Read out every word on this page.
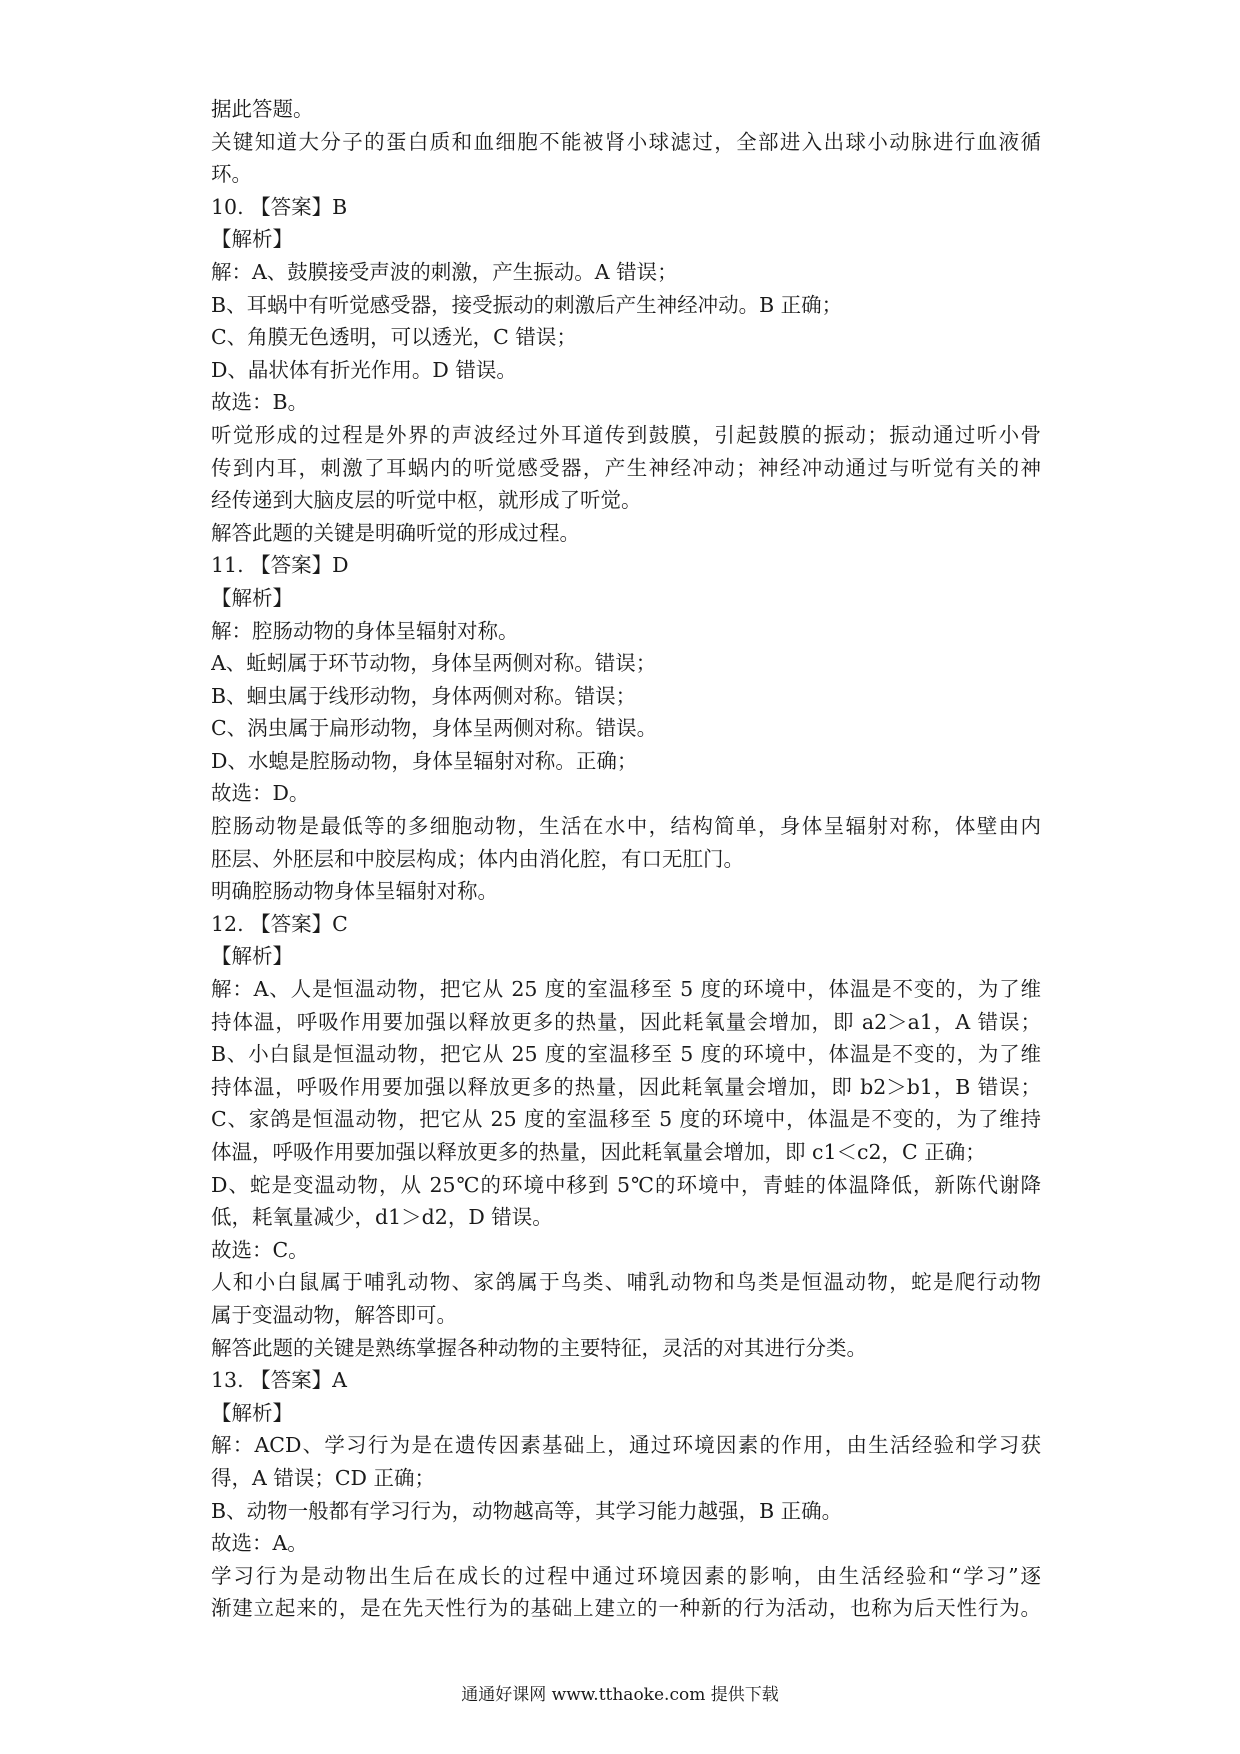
据此答题。
关键知道大分子的蛋白质和血细胞不能被肾小球滤过，全部进入出球小动脉进行血液循
环。
10. 【答案】B
【解析】
解：A、鼓膜接受声波的刺激，产生振动。A 错误；
B、耳蜗中有听觉感受器，接受振动的刺激后产生神经冲动。B 正确；
C、角膜无色透明，可以透光，C 错误；
D、晶状体有折光作用。D 错误。
故选：B。
听觉形成的过程是外界的声波经过外耳道传到鼓膜，引起鼓膜的振动；振动通过听小骨
传到内耳，刺激了耳蜗内的听觉感受器，产生神经冲动；神经冲动通过与听觉有关的神
经传递到大脑皮层的听觉中枢，就形成了听觉。
解答此题的关键是明确听觉的形成过程。
11. 【答案】D
【解析】
解：腔肠动物的身体呈辐射对称。
A、蚯蚓属于环节动物，身体呈两侧对称。错误；
B、蛔虫属于线形动物，身体两侧对称。错误；
C、涡虫属于扁形动物，身体呈两侧对称。错误。
D、水螅是腔肠动物，身体呈辐射对称。正确；
故选：D。
腔肠动物是最低等的多细胞动物，生活在水中，结构简单，身体呈辐射对称，体壁由内
胚层、外胚层和中胶层构成；体内由消化腔，有口无肛门。
明确腔肠动物身体呈辐射对称。
12. 【答案】C
【解析】
解：A、人是恒温动物，把它从 25 度的室温移至 5 度的环境中，体温是不变的，为了维
持体温，呼吸作用要加强以释放更多的热量，因此耗氧量会增加，即 a2＞a1，A 错误；
B、小白鼠是恒温动物，把它从 25 度的室温移至 5 度的环境中，体温是不变的，为了维
持体温，呼吸作用要加强以释放更多的热量，因此耗氧量会增加，即 b2＞b1，B 错误；
C、家鸽是恒温动物，把它从 25 度的室温移至 5 度的环境中，体温是不变的，为了维持
体温，呼吸作用要加强以释放更多的热量，因此耗氧量会增加，即 c1＜c2，C 正确；
D、蛇是变温动物，从 25℃的环境中移到 5℃的环境中，青蛙的体温降低，新陈代谢降
低，耗氧量减少，d1＞d2，D 错误。
故选：C。
人和小白鼠属于哺乳动物、家鸽属于鸟类、哺乳动物和鸟类是恒温动物，蛇是爬行动物
属于变温动物，解答即可。
解答此题的关键是熟练掌握各种动物的主要特征，灵活的对其进行分类。
13. 【答案】A
【解析】
解：ACD、学习行为是在遗传因素基础上，通过环境因素的作用，由生活经验和学习获
得，A 错误；CD 正确；
B、动物一般都有学习行为，动物越高等，其学习能力越强，B 正确。
故选：A。
学习行为是动物出生后在成长的过程中通过环境因素的影响，由生活经验和“学习”逐
渐建立起来的，是在先天性行为的基础上建立的一种新的行为活动，也称为后天性行为。
通通好课网 www.tthaoke.com 提供下载
